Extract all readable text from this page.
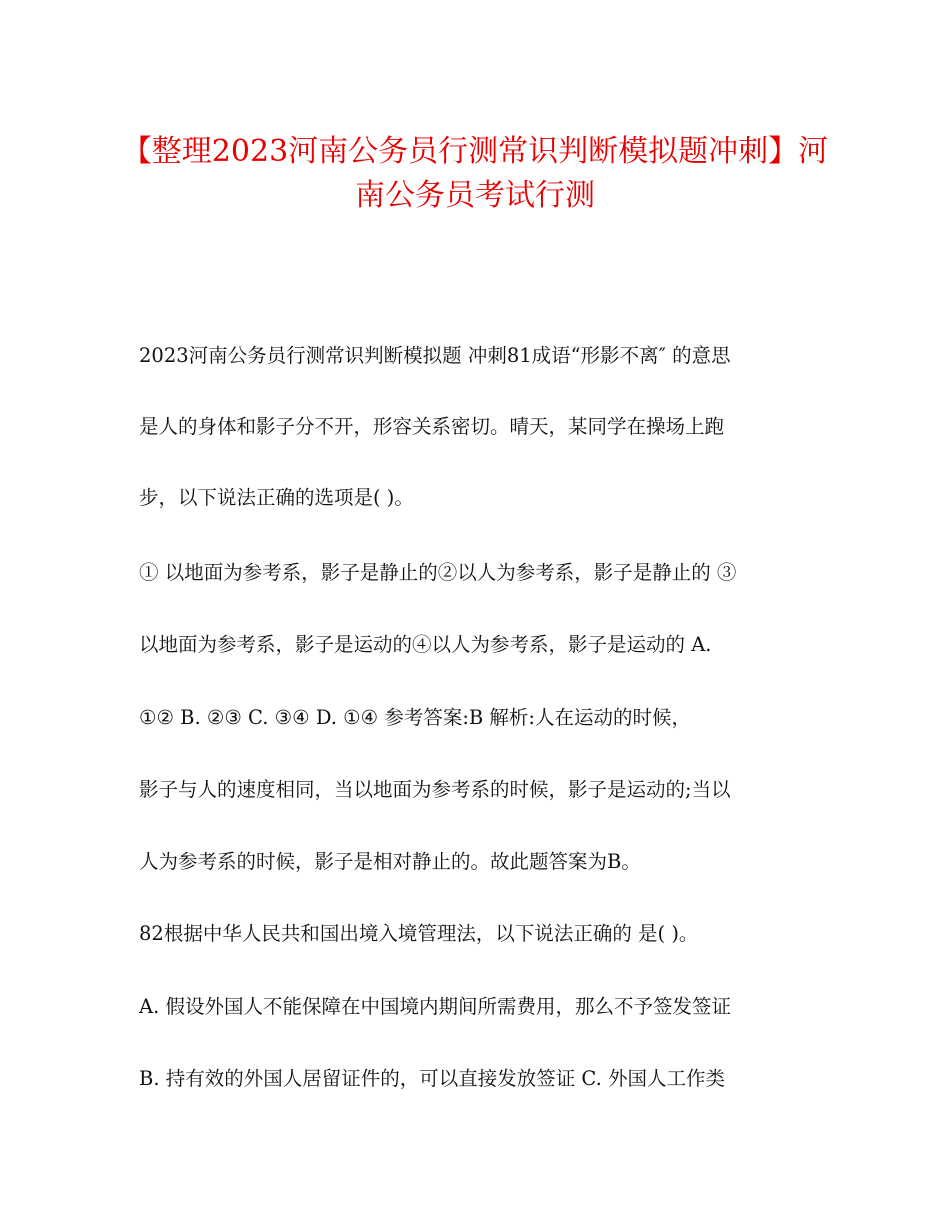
【整理2023河南公务员行测常识判断模拟题冲刺】河
南公务员考试行测
2023河南公务员行测常识判断模拟题 冲刺81成语“形影不离″ 的意思
是人的身体和影子分不开，形容关系密切。晴天，某同学在操场上跑
步，以下说法正确的选项是( )。
① 以地面为参考系，影子是静止的②以人为参考系，影子是静止的 ③
以地面为参考系，影子是运动的④以人为参考系，影子是运动的 A.
①② B. ②③ C. ③④ D. ①④ 参考答案:B 解析:人在运动的时候，
影子与人的速度相同，当以地面为参考系的时候，影子是运动的;当以
人为参考系的时候，影子是相对静止的。故此题答案为B。
82根据中华人民共和国出境入境管理法，以下说法正确的 是( )。
A. 假设外国人不能保障在中国境内期间所需费用，那么不予签发签证
B. 持有效的外国人居留证件的，可以直接发放签证 C. 外国人工作类
